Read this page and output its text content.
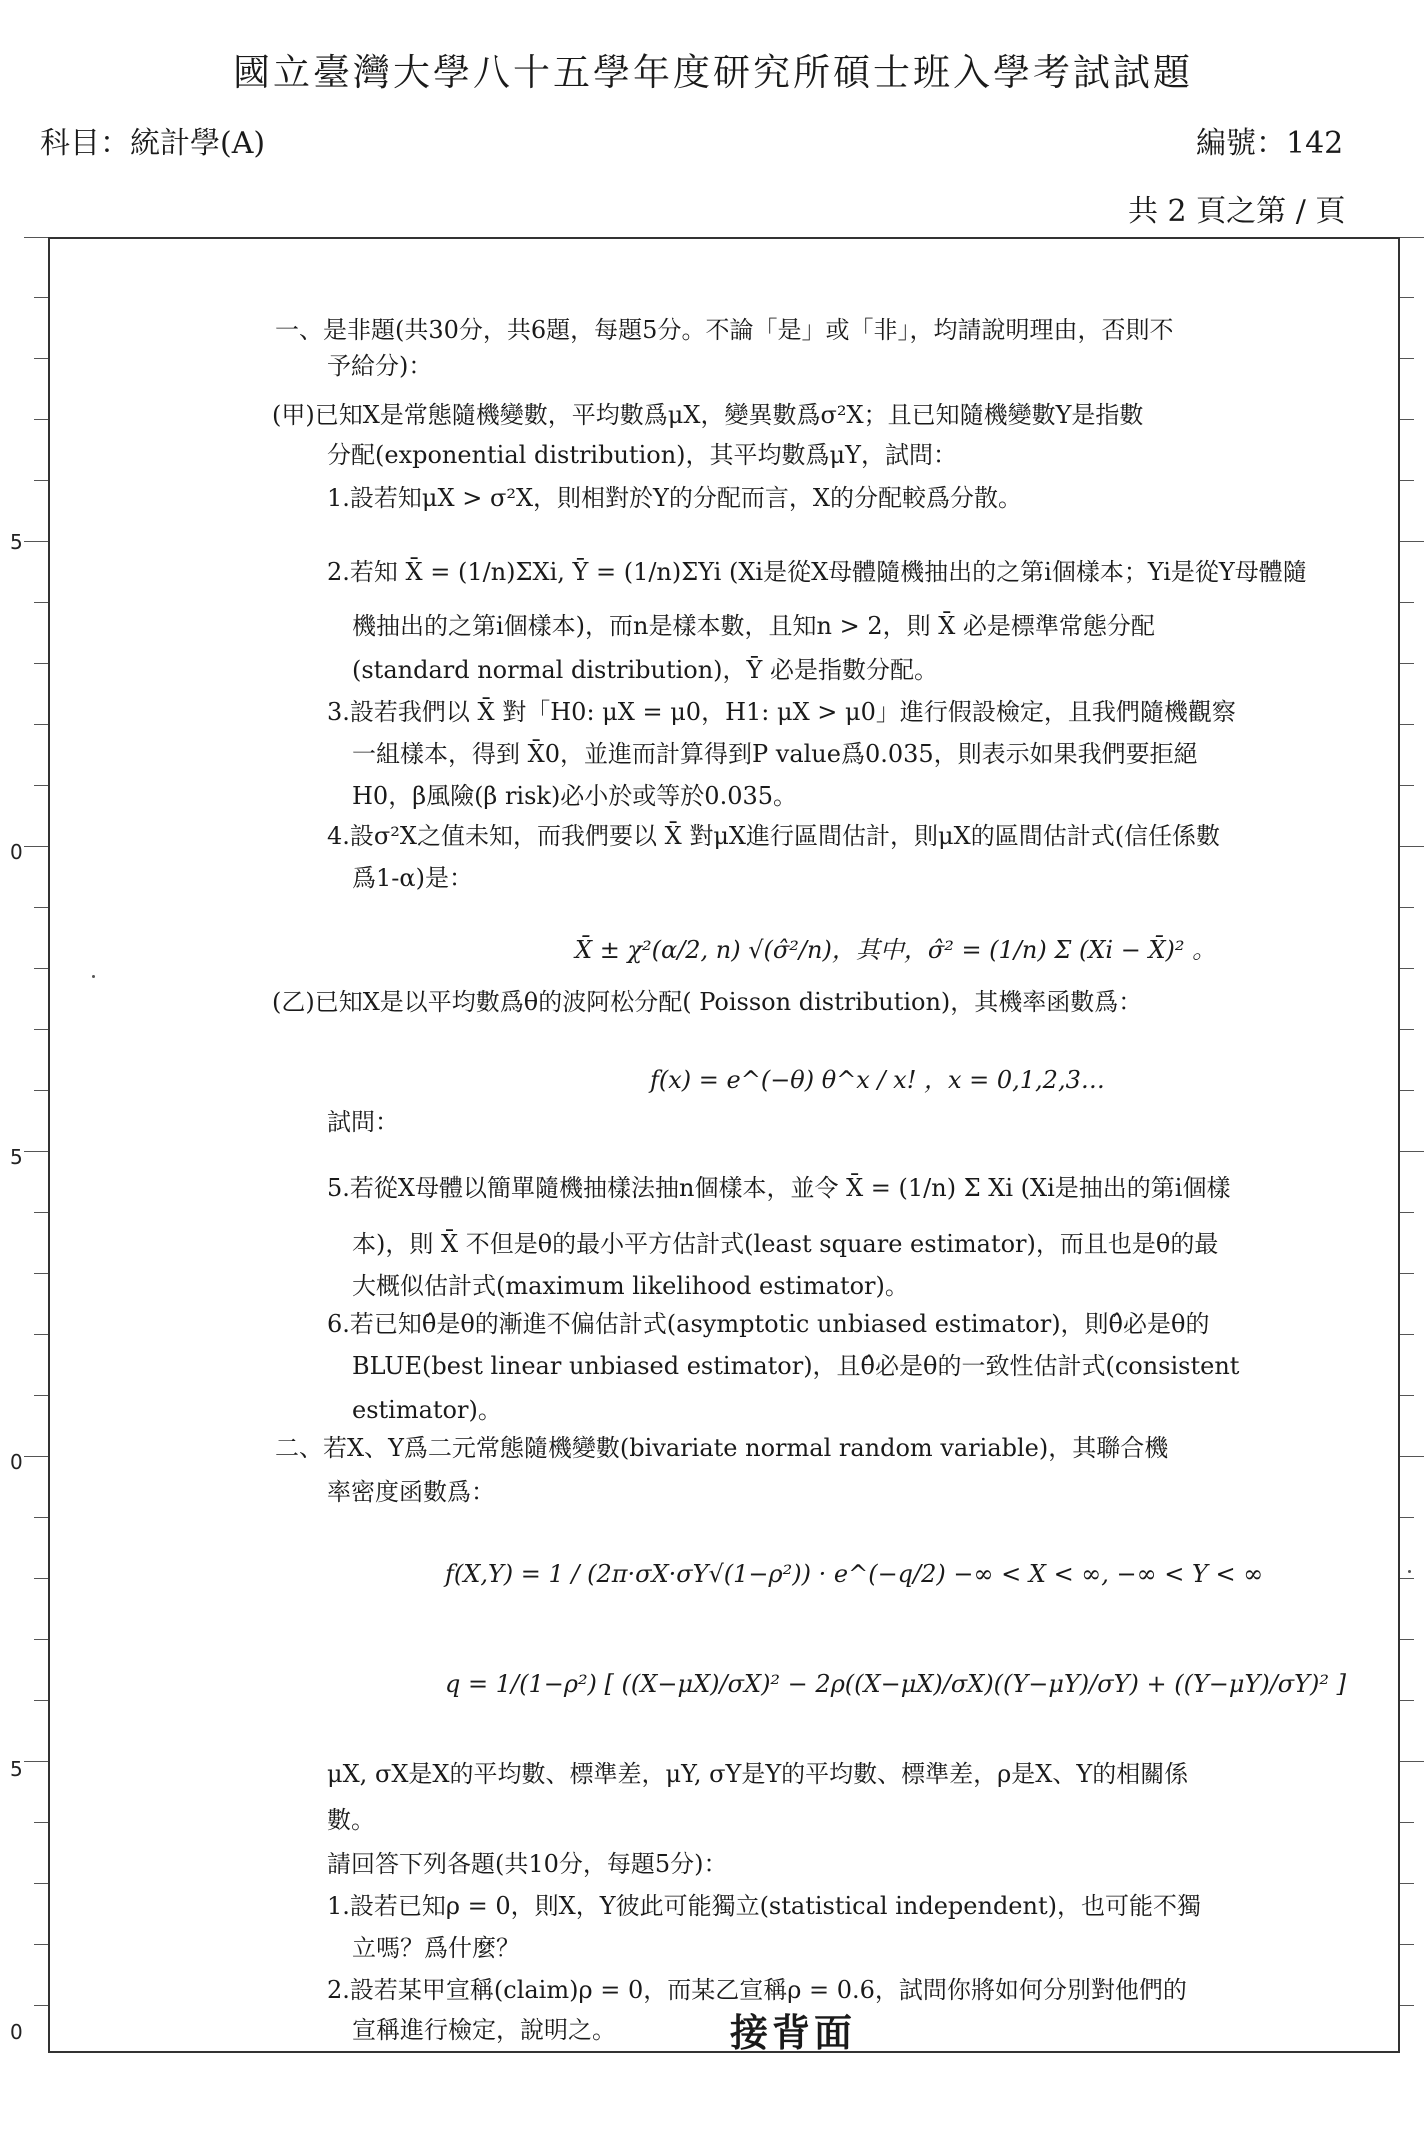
國立臺灣大學八十五學年度研究所碩士班入學考試試題
科目：統計學(A)	編號：142
共 2 頁之第 / 頁
5
0
5
0
5
0
一、是非題(共30分，共6題，每題5分。不論「是」或「非」，均請說明理由，否則不
予給分)：
(甲)已知X是常態隨機變數，平均數爲μX，變異數爲σ²X；且已知隨機變數Y是指數
分配(exponential distribution)，其平均數爲μY，試問：
1.設若知μX > σ²X，則相對於Y的分配而言，X的分配較爲分散。
2.若知 X̄ = (1/n)ΣXi, Ȳ = (1/n)ΣYi (Xi是從X母體隨機抽出的之第i個樣本；Yi是從Y母體隨
機抽出的之第i個樣本)，而n是樣本數，且知n > 2，則 X̄ 必是標準常態分配
(standard normal distribution)，Ȳ 必是指數分配。
3.設若我們以 X̄ 對「H0: μX = μ0，H1: μX > μ0」進行假設檢定，且我們隨機觀察
一組樣本，得到 X̄0，並進而計算得到P value爲0.035，則表示如果我們要拒絕
H0，β風險(β risk)必小於或等於0.035。
4.設σ²X之值未知，而我們要以 X̄ 對μX進行區間估計，則μX的區間估計式(信任係數
爲1-α)是：
X̄ ± χ²(α/2, n) √(σ̂²/n)，其中，σ̂² = (1/n) Σ (Xi − X̄)² 。
(乙)已知X是以平均數爲θ的波阿松分配( Poisson distribution)，其機率函數爲：
f(x) = e^(−θ) θ^x / x! ，x = 0,1,2,3…
試問：
5.若從X母體以簡單隨機抽樣法抽n個樣本，並令 X̄ = (1/n) Σ Xi (Xi是抽出的第i個樣
本)，則 X̄ 不但是θ的最小平方估計式(least square estimator)，而且也是θ的最
大概似估計式(maximum likelihood estimator)。
6.若已知θ̂是θ的漸進不偏估計式(asymptotic unbiased estimator)，則θ̂必是θ的
BLUE(best linear unbiased estimator)，且θ̂必是θ的一致性估計式(consistent
estimator)。
二、若X、Y爲二元常態隨機變數(bivariate normal random variable)，其聯合機
率密度函數爲：
f(X,Y) = 1 / (2π·σX·σY√(1−ρ²)) · e^(−q/2) −∞ < X < ∞, −∞ < Y < ∞
q = 1/(1−ρ²) [ ((X−μX)/σX)² − 2ρ((X−μX)/σX)((Y−μY)/σY) + ((Y−μY)/σY)² ]
μX, σX是X的平均數、標準差，μY, σY是Y的平均數、標準差，ρ是X、Y的相關係
數。
請回答下列各題(共10分，每題5分)：
1.設若已知ρ = 0，則X，Y彼此可能獨立(statistical independent)，也可能不獨
立嗎？爲什麼？
2.設若某甲宣稱(claim)ρ = 0，而某乙宣稱ρ = 0.6，試問你將如何分別對他們的
宣稱進行檢定，說明之。	接背面
